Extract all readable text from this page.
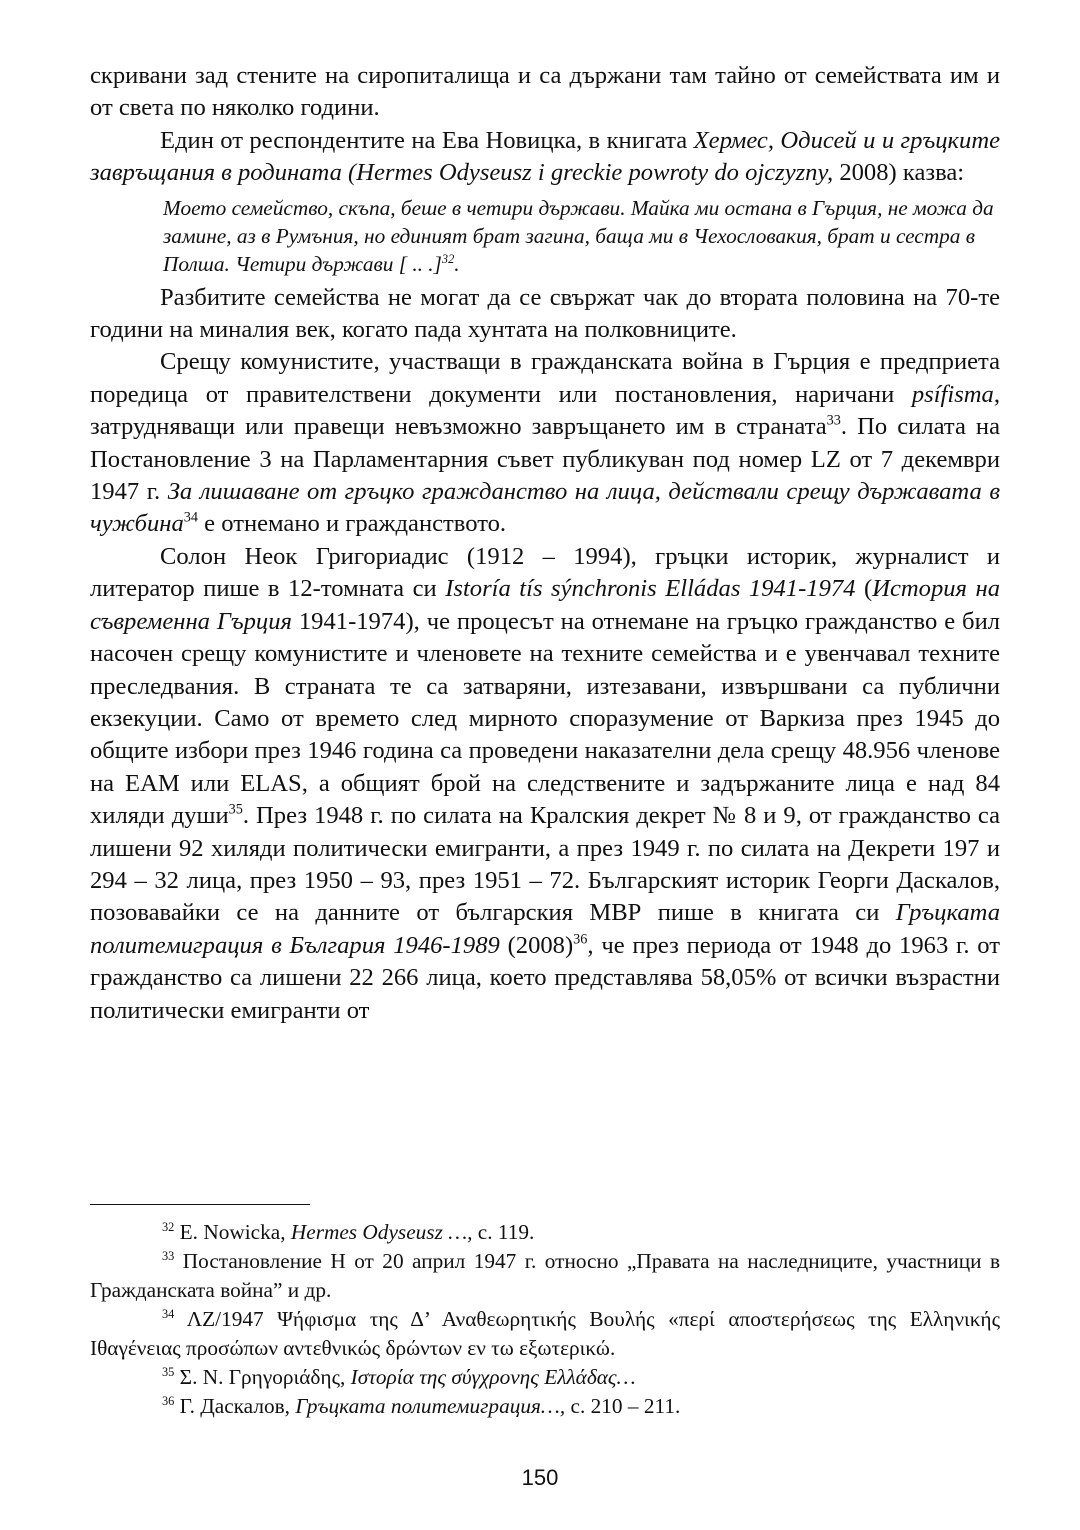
скривани зад стените на сиропиталища и са държани там тайно от семействата им и от света по няколко години.

Един от респондентите на Ева Новицка, в книгата Хермес, Одисей и и гръцките завръщания в родината (Hermes Odyseusz i greckie powroty do ojczyzny, 2008) казва:

Моето семейство, скъпа, беше в четири държави. Майка ми остана в Гърция, не можа да замине, аз в Румъния, но единият брат загина, баща ми в Чехословакия, брат и сестра в Полша. Четири държави [ .. .]$^{32}$.

Разбитите семейства не могат да се свържат чак до втората половина на 70-те години на миналия век, когато пада хунтата на полковниците.

Срещу комунистите, участващи в гражданската война в Гърция е предприета поредица от правителствени документи или постановления, наричани psífisma, затрудняващи или правещи невъзможно завръщането им в страната$^{33}$. По силата на Постановление 3 на Парламентарния съвет публикуван под номер LZ от 7 декември 1947 г. За лишаване от гръцко гражданство на лица, действали срещу държавата в чужбина$^{34}$ е отнемано и гражданството.

Солон Неок Григориадис (1912 – 1994), гръцки историк, журналист и литератор пише в 12-томната си Istoría tís sýnchronis Elládas 1941-1974 (История на съвременна Гърция 1941-1974), че процесът на отнемане на гръцко гражданство е бил насочен срещу комунистите и членовете на техните семейства и е увенчавал техните преследвания. В страната те са затваряни, изтезавани, извършвани са публични екзекуции. Само от времето след мирното споразумение от Варкиза през 1945 до общите избори през 1946 година са проведени наказателни дела срещу 48.956 членове на ЕАМ или ELAS, а общият брой на следствените и задържаните лица е над 84 хиляди души$^{35}$. През 1948 г. по силата на Кралския декрет № 8 и 9, от гражданство са лишени 92 хиляди политически емигранти, а през 1949 г. по силата на Декрети 197 и 294 – 32 лица, през 1950 – 93, през 1951 – 72. Българският историк Георги Даскалов, позовавайки се на данните от българския МВР пише в книгата си Гръцката политемиграция в България 1946-1989 $(2008)^{36}$, че през периода от 1948 до 1963 г. от гражданство са лишени 22 266 лица, което представлява 58,05% от всички възрастни политически емигранти от

$^{32}$ E. Nowicka, Hermes Odyseusz …, с. 119.

$^{33}$ Постановление Н от 20 април 1947 г. относно „Правата на наследниците, участници в Гражданската война” и др.

$^{34}$ ΛΖ/1947 Ψήφισμα της Δ’ Αναθεωρητικής Βουλής «περί αποστερήσεως της Ελληνικής Ιθαγένειας προσώπων αντεθνικώς δρώντων εν τω εξωτερικώ.

$^{35}$ Σ. Ν. Γρηγοριάδης, Ιστορία της σύγχρονης Ελλάδας…

$^{36}$ Г. Даскалов, Гръцката политемиграция…, с. 210 – 211.

150
